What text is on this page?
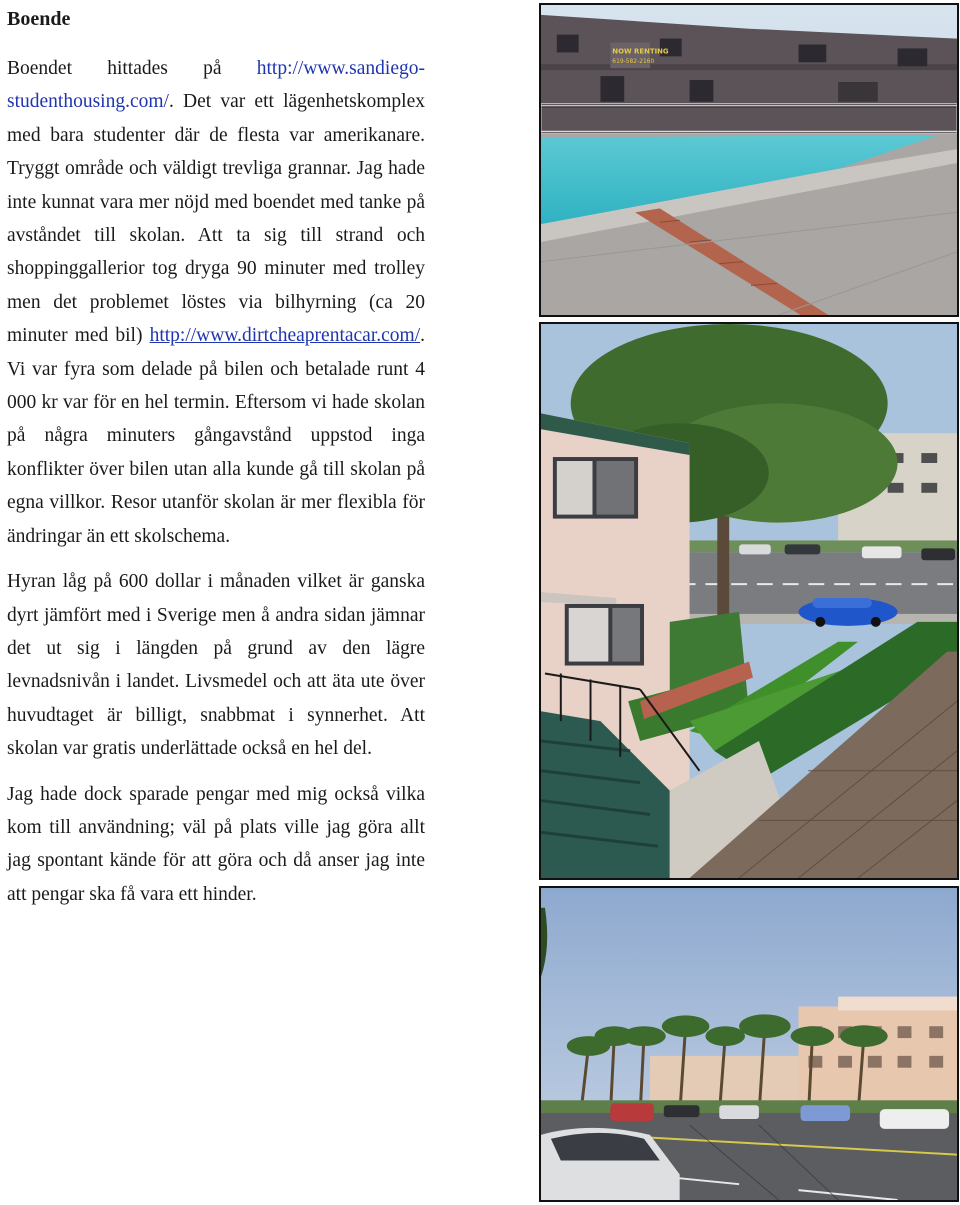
Boende

Boendet hittades på http://www.sandiego-studenthousing.com/. Det var ett lägenhetskomplex med bara studenter där de flesta var amerikanare. Tryggt område och väldigt trevliga grannar. Jag hade inte kunnat vara mer nöjd med boendet med tanke på avståndet till skolan. Att ta sig till strand och shoppinggallerior tog dryga 90 minuter med trolley men det problemet löstes via bilhyrning (ca 20 minuter med bil) http://www.dirtcheaprentacar.com/. Vi var fyra som delade på bilen och betalade runt 4 000 kr var för en hel termin. Eftersom vi hade skolan på några minuters gångavstånd uppstod inga konflikter över bilen utan alla kunde gå till skolan på egna villkor. Resor utanför skolan är mer flexibla för ändringar än ett skolschema.

Hyran låg på 600 dollar i månaden vilket är ganska dyrt jämfört med i Sverige men å andra sidan jämnar det ut sig i längden på grund av den lägre levnadsnivån i landet. Livsmedel och att äta ute över huvudtaget är billigt, snabbmat i synnerhet. Att skolan var gratis underlättade också en hel del.

Jag hade dock sparade pengar med mig också vilka kom till användning; väl på plats ville jag göra allt jag spontant kände för att göra och då anser jag inte att pengar ska få vara ett hinder.

NOW RENTING
619-582-2160
